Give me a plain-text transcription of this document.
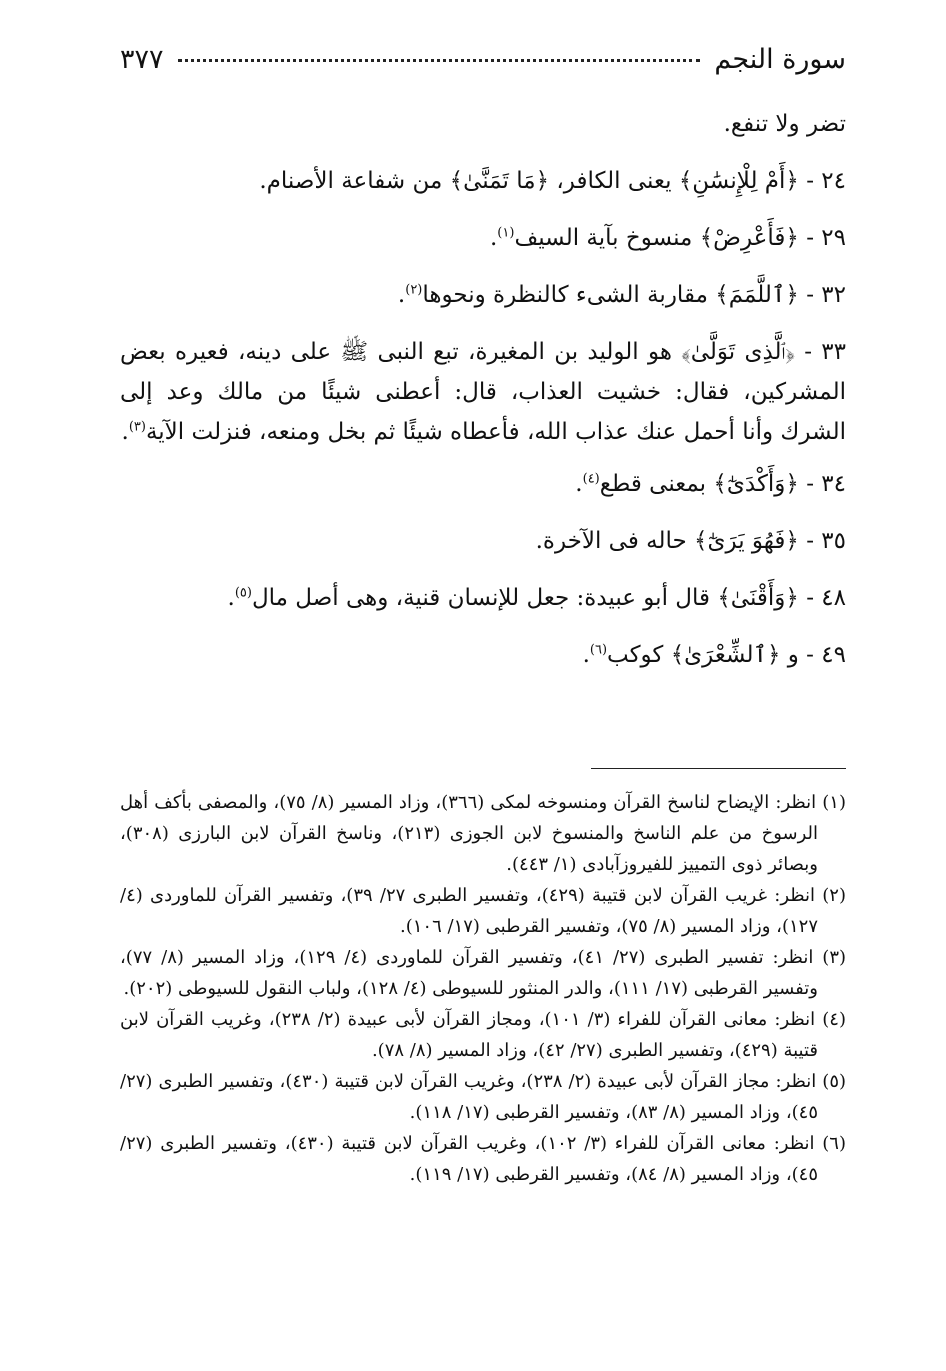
سورة النجم
٣٧٧

تضر ولا تنفع.

٢٤ - ﴿أَمْ لِلْإِنسَٰنِ﴾ يعنى الكافر، ﴿مَا تَمَنَّىٰ﴾ من شفاعة الأصنام.

٢٩ - ﴿فَأَعْرِضْ﴾ منسوخ بآية السيف$^{(١)}$.

٣٢ - ﴿ٱللَّمَمَ﴾ مقاربة الشىء كالنظرة ونحوها$^{(٢)}$.

٣٣ - ﴿ٱلَّذِى تَوَلَّىٰ﴾ هو الوليد بن المغيرة، تبع النبى ﷺ على دينه، فعيره بعض المشركين، فقال: خشيت العذاب، قال: أعطنى شيئًا من مالك وعد إلى الشرك وأنا أحمل عنك عذاب الله، فأعطاه شيئًا ثم بخل ومنعه، فنزلت الآية$^{(٣)}$.

٣٤ - ﴿وَأَكْدَىٰٓ﴾ بمعنى قطع$^{(٤)}$.

٣٥ - ﴿فَهُوَ يَرَىٰٓ﴾ حاله فى الآخرة.

٤٨ - ﴿وَأَقْنَىٰ﴾ قال أبو عبيدة: جعل للإنسان قنية، وهى أصل مال$^{(٥)}$.

٤٩ - و ﴿ٱلشِّعْرَىٰ﴾ كوكب$^{(٦)}$.

(١) انظر: الإيضاح لناسخ القرآن ومنسوخه لمكى (٣٦٦)، وزاد المسير (٨/ ٧٥)، والمصفى بأكف أهل الرسوخ من علم الناسخ والمنسوخ لابن الجوزى (٢١٣)، وناسخ القرآن لابن البارزى (٣٠٨)، وبصائر ذوى التمييز للفيروزآبادى (١/ ٤٤٣).

(٢) انظر: غريب القرآن لابن قتيبة (٤٢٩)، وتفسير الطبرى ٢٧/ ٣٩)، وتفسير القرآن للماوردى (٤/ ١٢٧)، وزاد المسير (٨/ ٧٥)، وتفسير القرطبى (١٧/ ١٠٦).

(٣) انظر: تفسير الطبرى (٢٧/ ٤١)، وتفسير القرآن للماوردى (٤/ ١٢٩)، وزاد المسير (٨/ ٧٧)، وتفسير القرطبى (١٧/ ١١١)، والدر المنثور للسيوطى (٤/ ١٢٨)، ولباب النقول للسيوطى (٢٠٢).

(٤) انظر: معانى القرآن للفراء (٣/ ١٠١)، ومجاز القرآن لأبى عبيدة (٢/ ٢٣٨)، وغريب القرآن لابن قتيبة (٤٢٩)، وتفسير الطبرى (٢٧/ ٤٢)، وزاد المسير (٨/ ٧٨).

(٥) انظر: مجاز القرآن لأبى عبيدة (٢/ ٢٣٨)، وغريب القرآن لابن قتيبة (٤٣٠)، وتفسير الطبرى (٢٧/ ٤٥)، وزاد المسير (٨/ ٨٣)، وتفسير القرطبى (١٧/ ١١٨).

(٦) انظر: معانى القرآن للفراء (٣/ ١٠٢)، وغريب القرآن لابن قتيبة (٤٣٠)، وتفسير الطبرى (٢٧/ ٤٥)، وزاد المسير (٨/ ٨٤)، وتفسير القرطبى (١٧/ ١١٩).
